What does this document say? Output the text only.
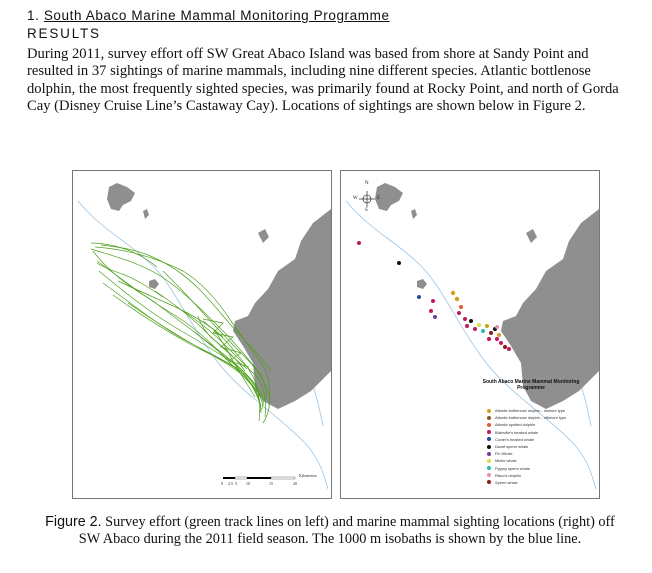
1. South Abaco Marine Mammal Monitoring Programme
RESULTS
During 2011, survey effort off SW Great Abaco Island was based from shore at Sandy Point and resulted in 37 sightings of marine mammals, including nine different species. Atlantic bottlenose dolphin, the most frequently sighted species, was primarily found at Rocky Point, and north of Gorda Cay (Disney Cruise Line’s Castaway Cay). Locations of sightings are shown below in Figure 2.
0 2.5 5 10	15	20
Kilometers
N
S
W	E
South Abaco Marine Mammal Monitoring Programme
Atlantic bottlenose dolphin - inshore type
Atlantic bottlenose dolphin - offshore type
Atlantic spotted dolphin
Blainville's beaked whale
Cuvier's beaked whale
Dwarf sperm whale
Fin Whale
Minke whale
Pygmy sperm whale
Risso's dolphin
Sperm whale
Figure 2. Survey effort (green track lines on left) and marine mammal sighting locations (right) off SW Abaco during the 2011 field season. The 1000 m isobaths is shown by the blue line.
